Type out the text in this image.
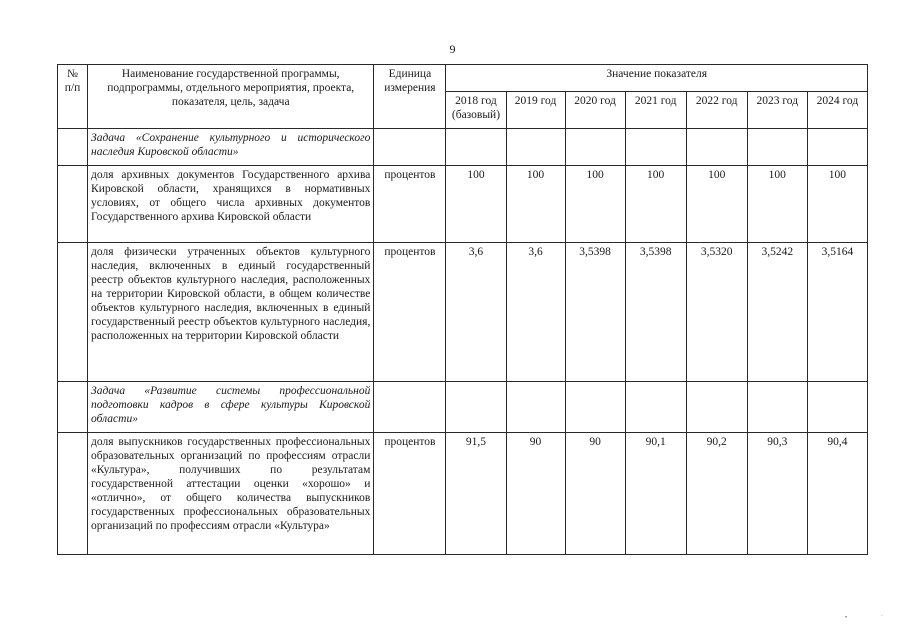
9
№ п/п	Наименование государственной программы, подпрограммы, отдельного мероприятия, проекта, показателя, цель, задача	Единица измерения	Значение показателя						
			2018 год (базовый)	2019 год	2020 год	2021 год	2022 год	2023 год	2024 год
	Задача «Сохранение культурного и исторического наследия Кировской области»								
	доля архивных документов Государственного архива Кировской области, хранящихся в нормативных условиях, от общего числа архивных документов Государственного архива Кировской области	процентов	100	100	100	100	100	100	100
	доля физически утраченных объектов культурного наследия, включенных в единый государственный реестр объектов культурного наследия, расположенных на территории Кировской области, в общем количестве объектов культурного наследия, включенных в единый государственный реестр объектов культурного наследия, расположенных на территории Кировской области	процентов	3,6	3,6	3,5398	3,5398	3,5320	3,5242	3,5164
	Задача «Развитие системы профессиональной подготовки кадров в сфере культуры Кировской области»								
	доля выпускников государственных профессиональных образовательных организаций по профессиям отрасли «Культура», получивших по результатам государственной аттестации оценки «хорошо» и «отлично», от общего количества выпускников государственных профессиональных образовательных организаций по профессиям отрасли «Культура»	процентов	91,5	90	90	90,1	90,2	90,3	90,4
•	·
